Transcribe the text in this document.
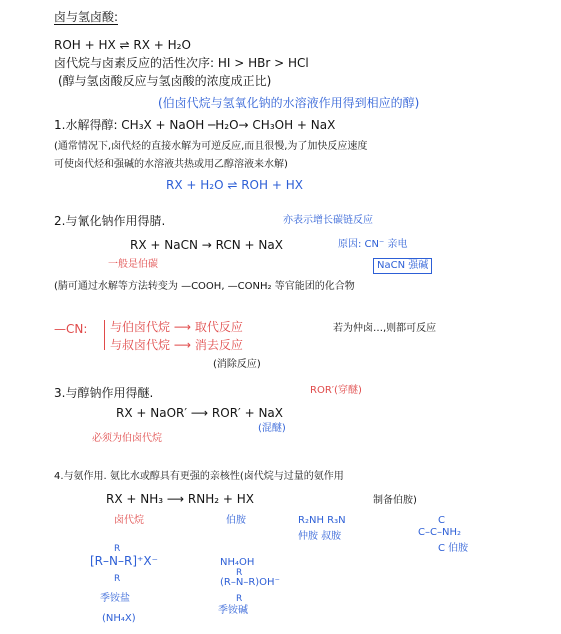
卤与氢卤酸:
ROH + HX ⇌ RX + H₂O
卤代烷与卤素反应的活性次序: HI > HBr > HCl
(醇与氢卤酸反应与氢卤酸的浓度成正比)
(伯卤代烷与氢氧化钠的水溶液作用得到相应的醇)
1.水解得醇: CH₃X + NaOH ─H₂O→ CH₃OH + NaX
(通常情况下,卤代烃的直接水解为可逆反应,而且很慢,为了加快反应速度
可使卤代烃和强碱的水溶液共热或用乙醇溶液来水解)
RX + H₂O ⇌ ROH + HX
2.与氰化钠作用得腈.	亦表示增长碳链反应
RX + NaCN → RCN + NaX	原因: CN⁻ 亲电
一般是伯碳	NaCN 强碱
(腈可通过水解等方法转变为 —COOH, —CONH₂ 等官能团的化合物
—CN: 与伯卤代烷 ⟶ 取代反应	若为仲卤…,则都可反应
与叔卤代烷 ⟶ 消去反应
(消除反应)
ROR′(穿醚)
3.与醇钠作用得醚.
RX + NaOR′ ⟶ ROR′ + NaX
(混醚)
必须为伯卤代烷
4.与氨作用. 氨比水或醇具有更强的亲核性(卤代烷与过量的氨作用
RX + NH₃ ⟶ RNH₂ + HX	制备伯胺)
卤代烷	伯胺	R₂NH R₃N
仲胺 叔胺
R
[R–N–R]⁺X⁻
R
季铵盐
(NH₄X)
NH₄OH
R
(R–N–R)OH⁻
R
季铵碱
C
C–C–NH₂
C 伯胺
